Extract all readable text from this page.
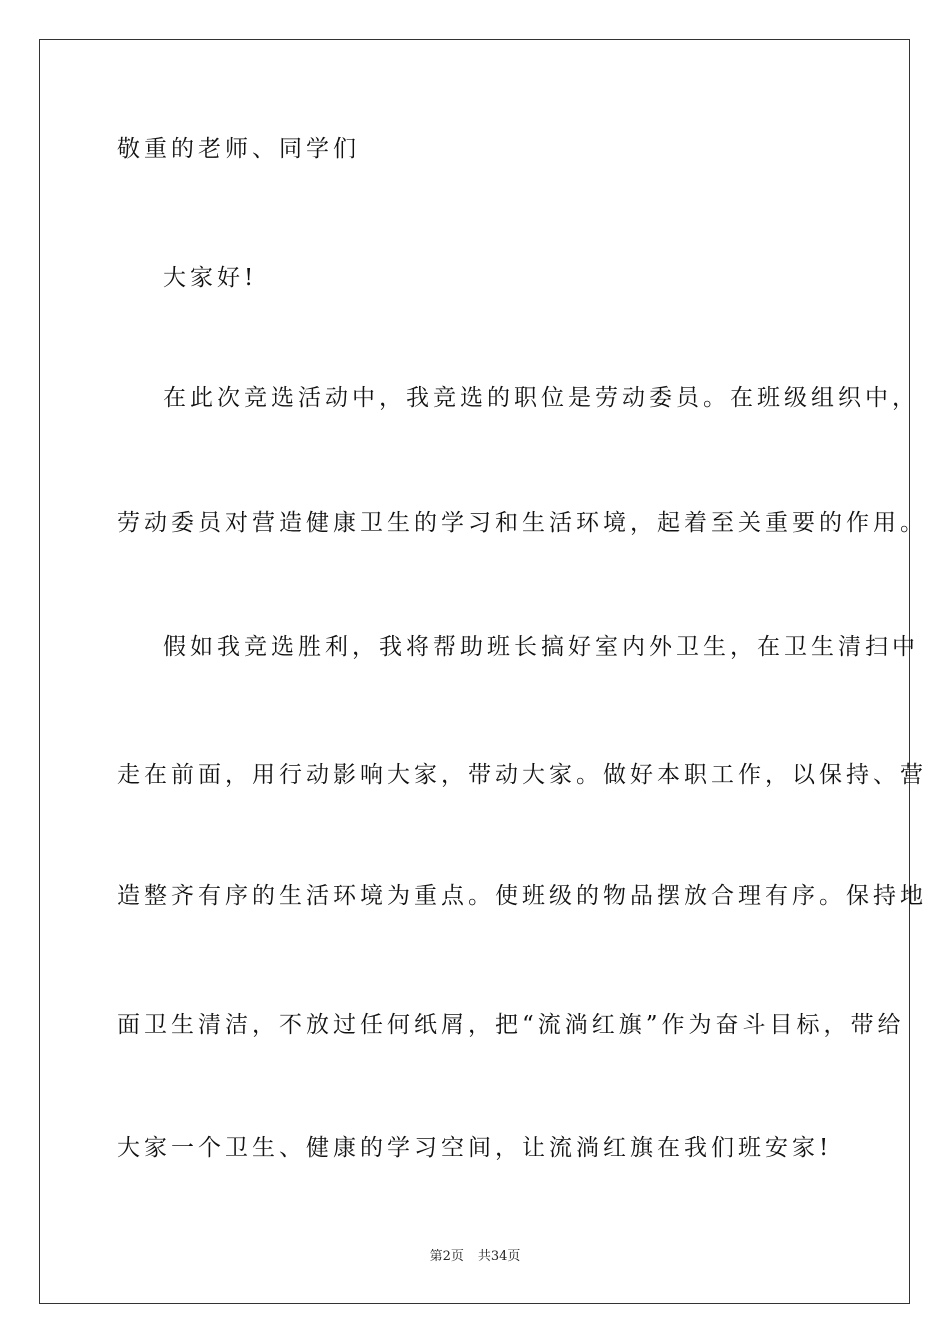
敬重的老师、同学们
大家好!
在此次竞选活动中，我竞选的职位是劳动委员。在班级组织中，
劳动委员对营造健康卫生的学习和生活环境，起着至关重要的作用。
假如我竞选胜利，我将帮助班长搞好室内外卫生，在卫生清扫中
走在前面，用行动影响大家，带动大家。做好本职工作，以保持、营
造整齐有序的生活环境为重点。使班级的物品摆放合理有序。保持地
面卫生清洁，不放过任何纸屑，把“流淌红旗”作为奋斗目标，带给
大家一个卫生、健康的学习空间，让流淌红旗在我们班安家!
第2页 共34页
